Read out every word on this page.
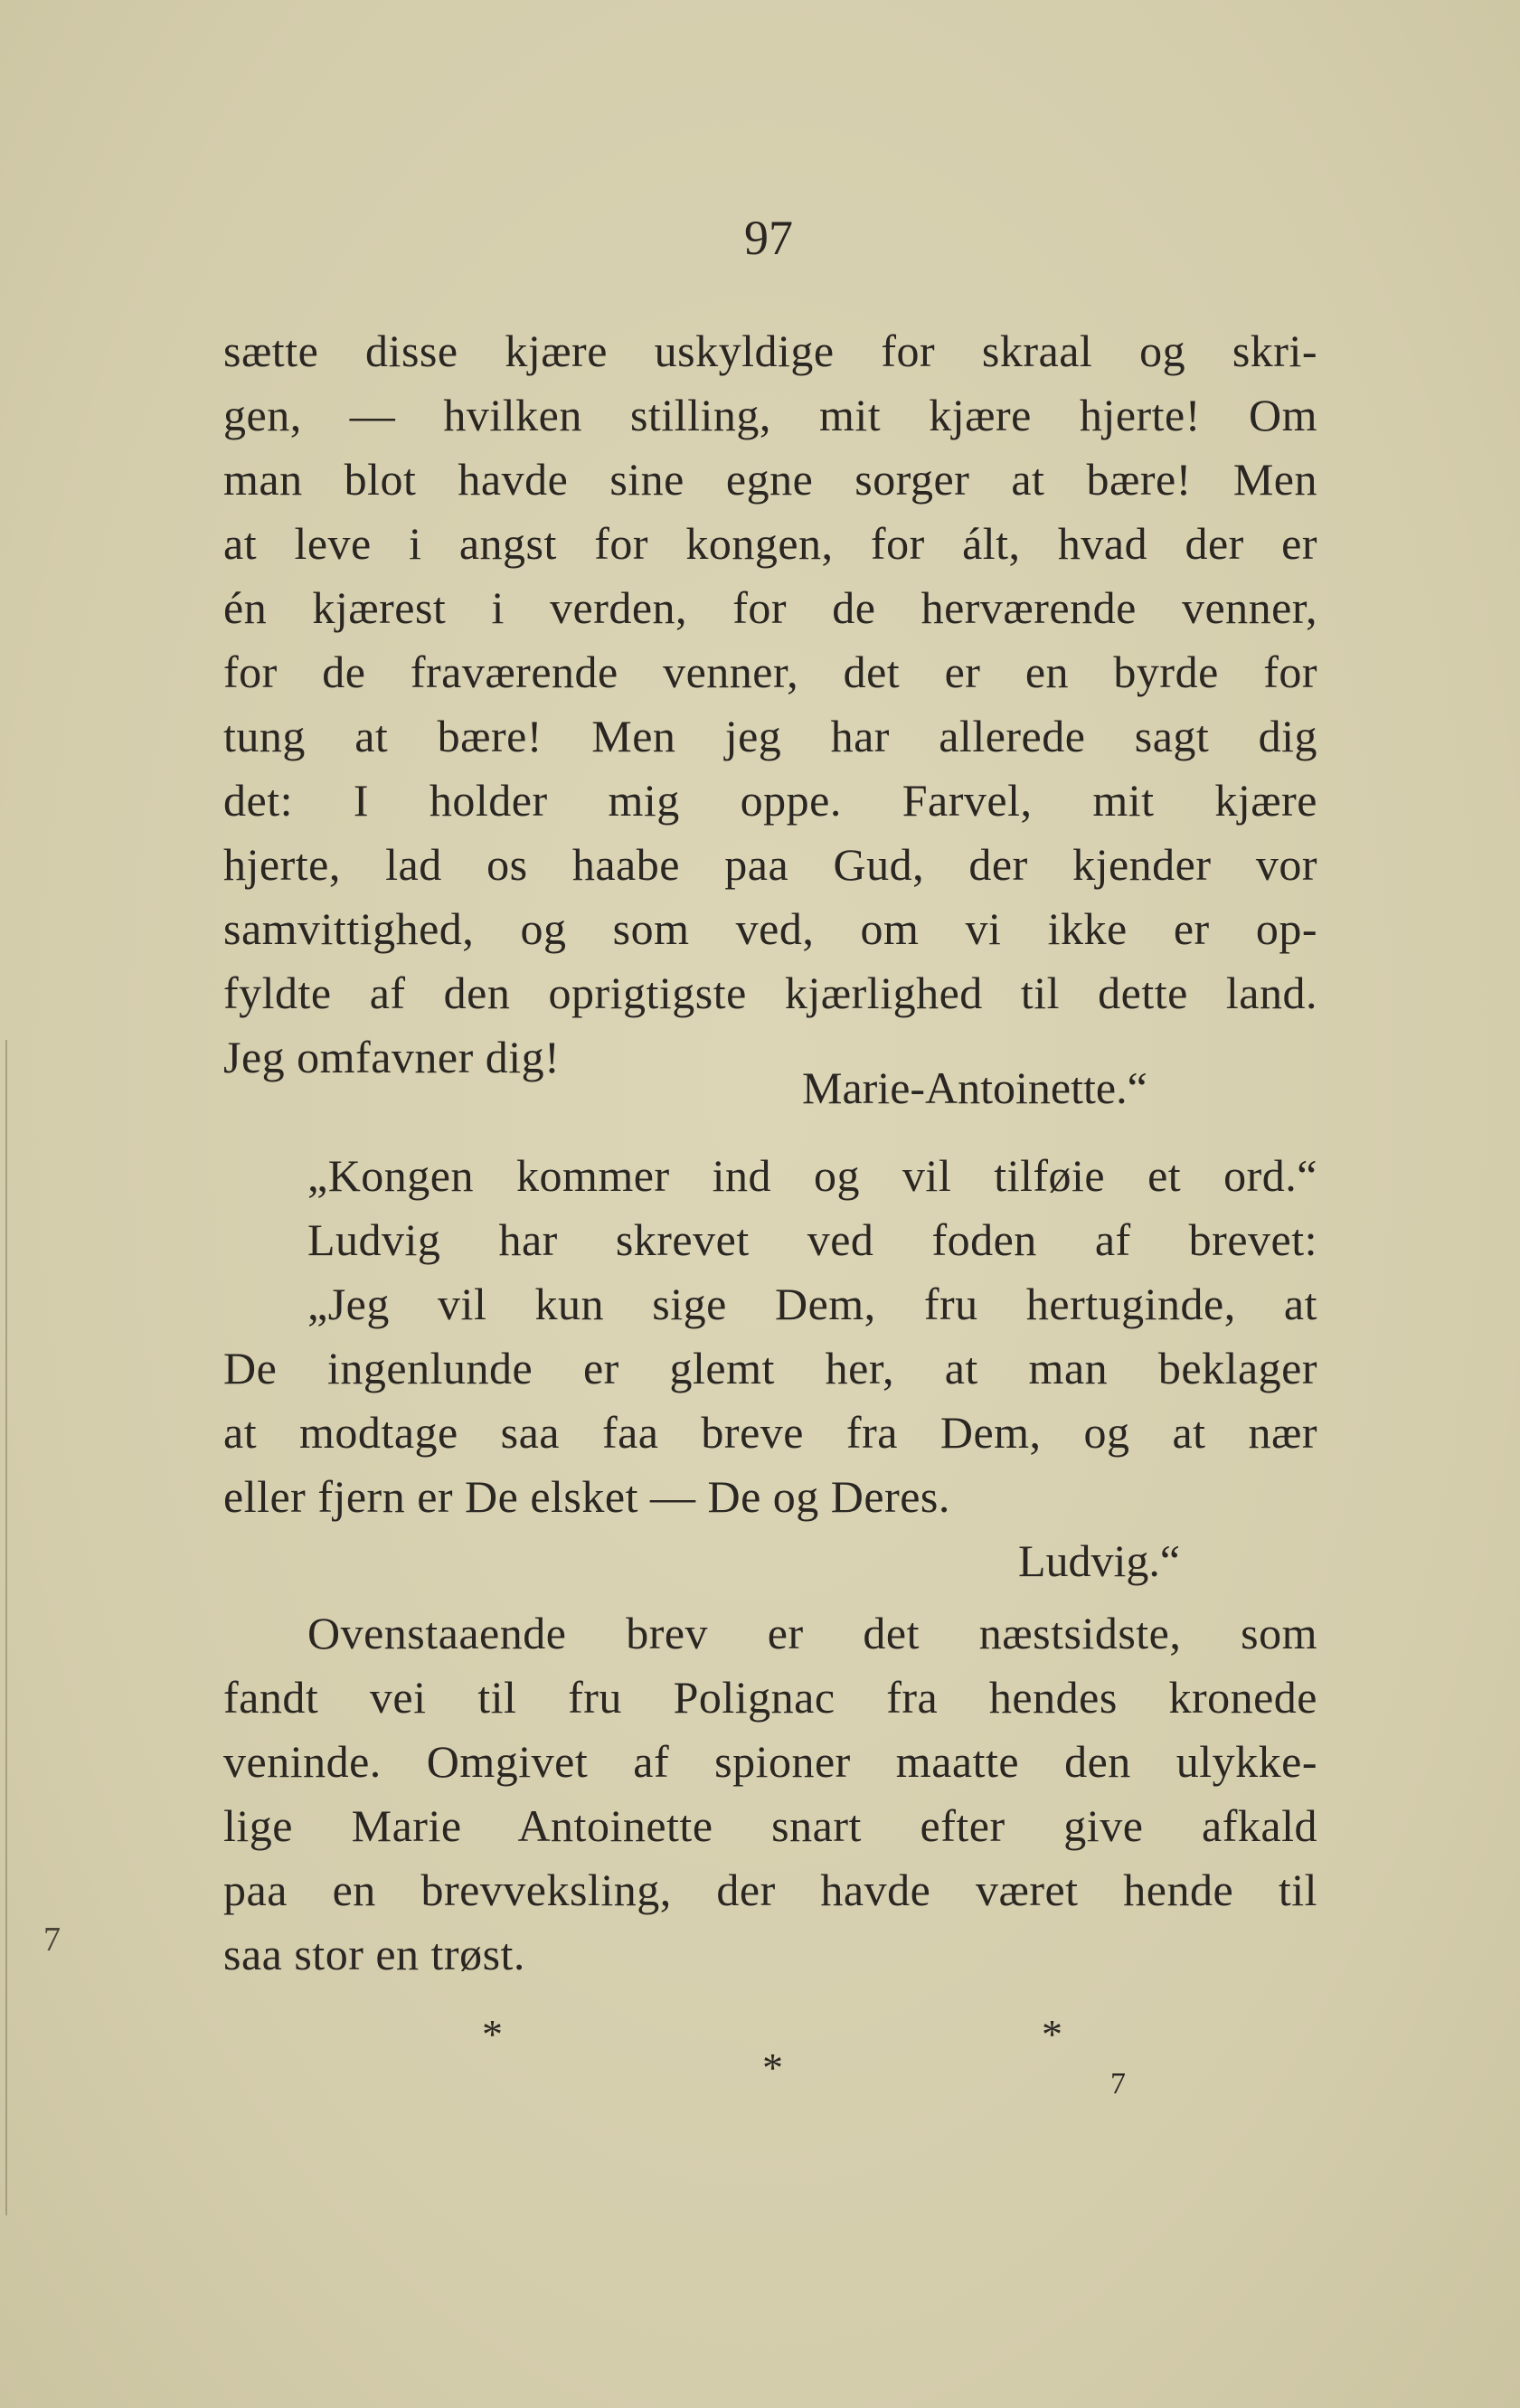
97
sætte disse kjære uskyldige for skraal og skri-
gen, — hvilken stilling, mit kjære hjerte! Om
man blot havde sine egne sorger at bære! Men
at leve i angst for kongen, for ált, hvad der er
én kjærest i verden, for de herværende venner,
for de fraværende venner, det er en byrde for
tung at bære! Men jeg har allerede sagt dig
det: I holder mig oppe. Farvel, mit kjære
hjerte, lad os haabe paa Gud, der kjender vor
samvittighed, og som ved, om vi ikke er op-
fyldte af den oprigtigste kjærlighed til dette land.
Jeg omfavner dig!
Marie-Antoinette.“
„Kongen kommer ind og vil tilføie et ord.“
Ludvig har skrevet ved foden af brevet:
„Jeg vil kun sige Dem, fru hertuginde, at
De ingenlunde er glemt her, at man beklager
at modtage saa faa breve fra Dem, og at nær
eller fjern er De elsket — De og Deres.
Ludvig.“
Ovenstaaende brev er det næstsidste, som
fandt vei til fru Polignac fra hendes kronede
veninde. Omgivet af spioner maatte den ulykke-
lige Marie Antoinette snart efter give afkald
paa en brevveksling, der havde været hende til
saa stor en trøst.
*
*
*
7
7
